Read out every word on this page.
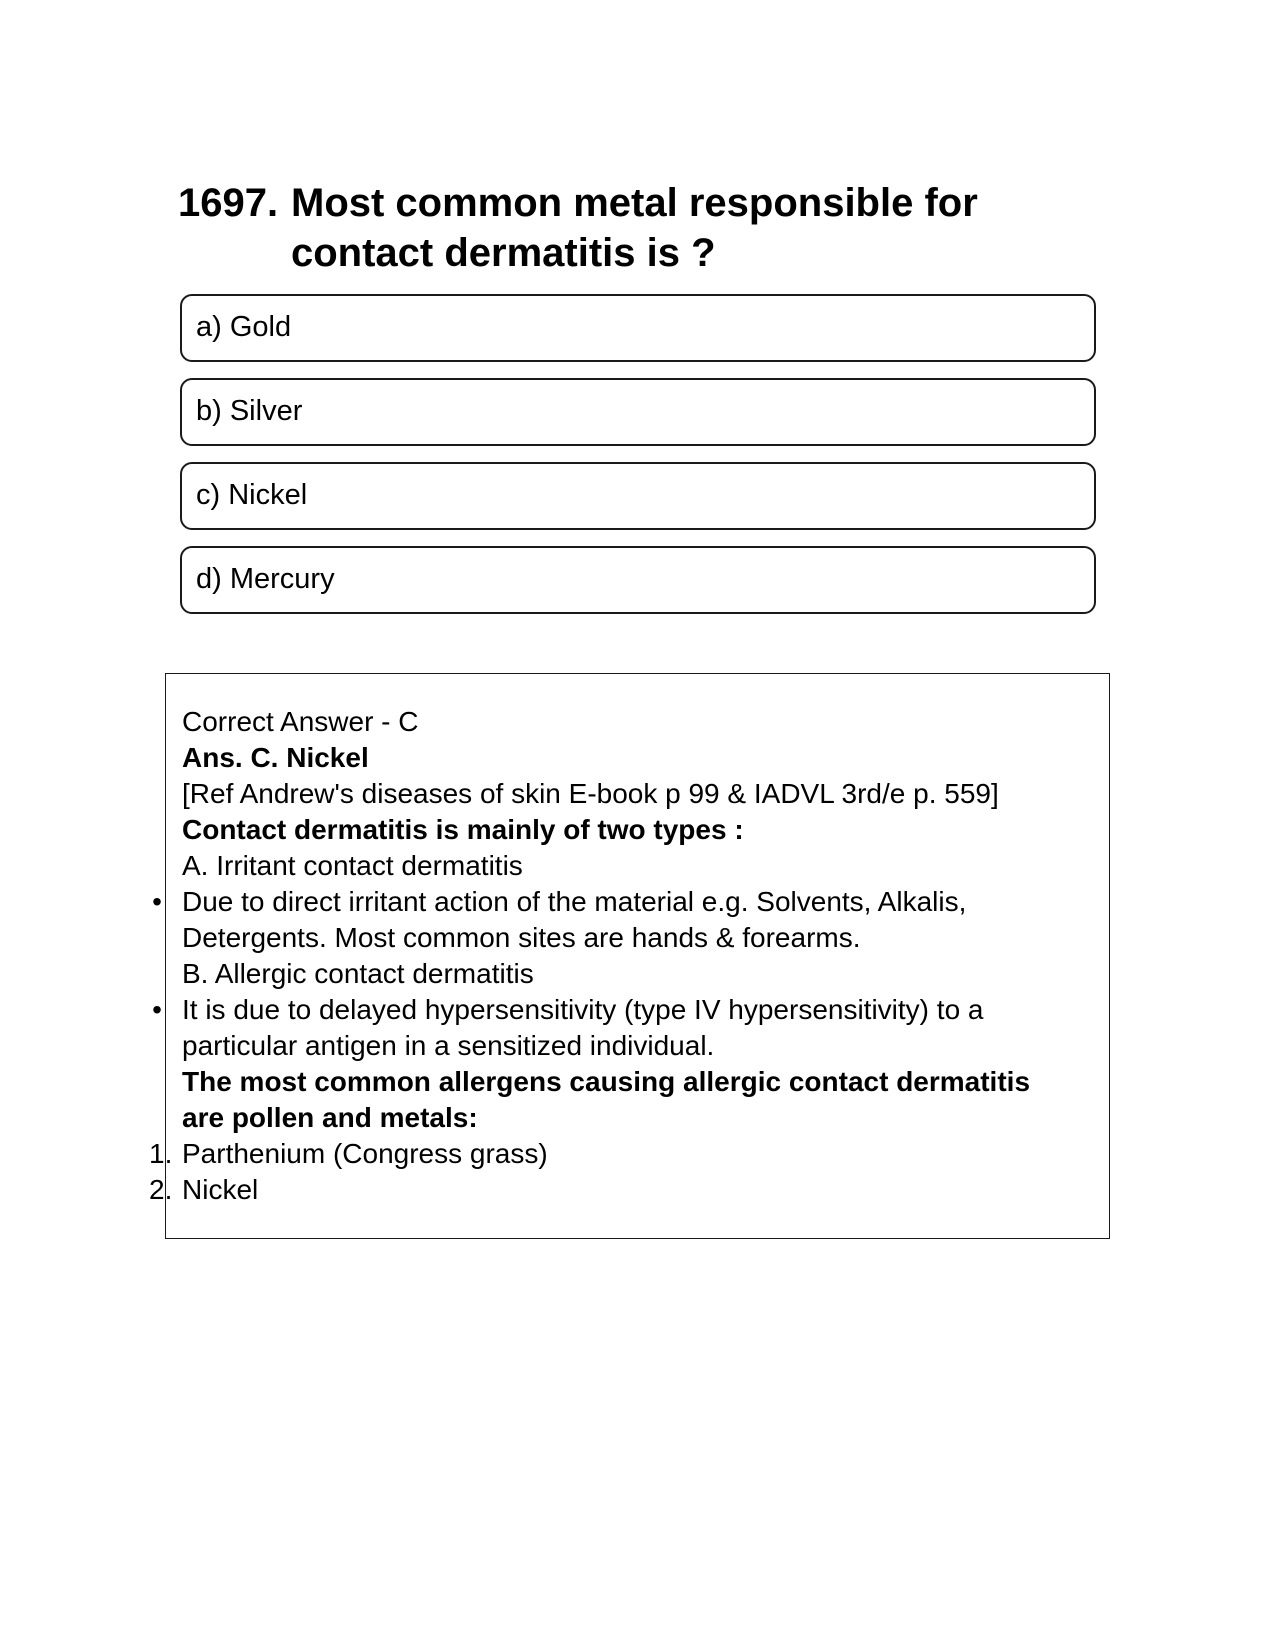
1697. Most common metal responsible for contact dermatitis is ?
a) Gold
b) Silver
c) Nickel
d) Mercury
Correct Answer - C
Ans. C. Nickel
[Ref Andrew's diseases of skin E-book p 99 & IADVL 3rd/e p. 559]
Contact dermatitis is mainly of two types :
A. Irritant contact dermatitis
• Due to direct irritant action of the material e.g. Solvents, Alkalis,
Detergents. Most common sites are hands & forearms.
B. Allergic contact dermatitis
• It is due to delayed hypersensitivity (type IV hypersensitivity) to a
particular antigen in a sensitized individual.
The most common allergens causing allergic contact dermatitis
are pollen and metals:
1. Parthenium (Congress grass)
2. Nickel
